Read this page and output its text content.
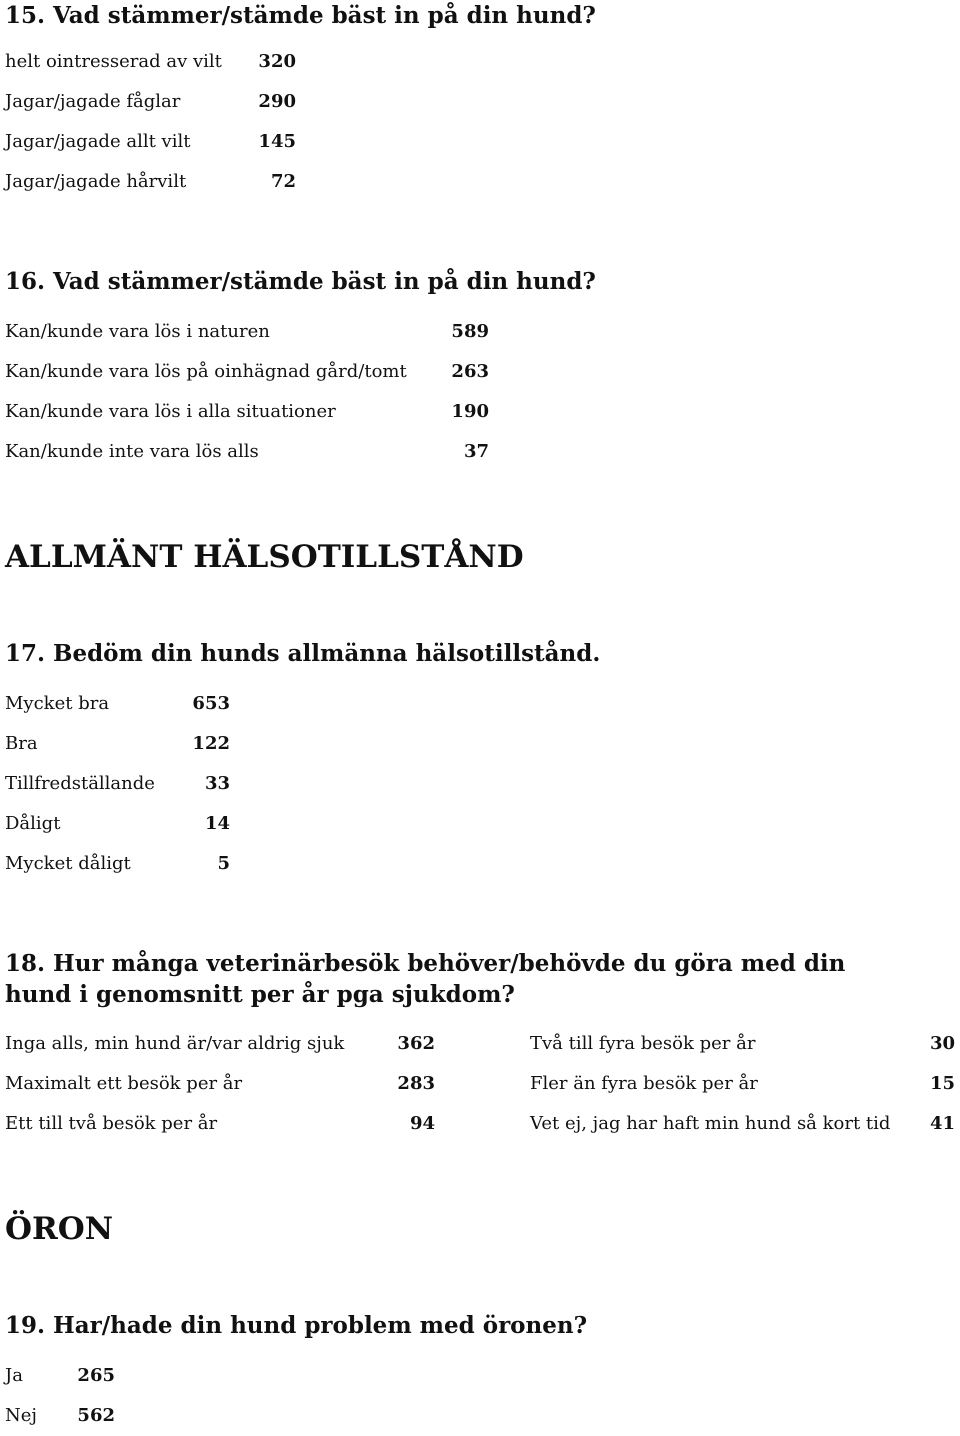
15. Vad stämmer/stämde bäst in på din hund?
helt ointresserad av vilt 320
Jagar/jagade fåglar	290
Jagar/jagade allt vilt	145
Jagar/jagade hårvilt	72
16. Vad stämmer/stämde bäst in på din hund?
Kan/kunde vara lös i naturen	589
Kan/kunde vara lös på oinhägnad gård/tomt 263
Kan/kunde vara lös i alla situationer	190
Kan/kunde inte vara lös alls	37
ALLMÄNT HÄLSOTILLSTÅND
17. Bedöm din hunds allmänna hälsotillstånd.
Mycket bra	653
Bra	122
Tillfredställande	33
Dåligt	14
Mycket dåligt	5
18. Hur många veterinärbesök behöver/behövde du göra med din hund i genomsnitt per år pga sjukdom?
Inga alls, min hund är/var aldrig sjuk	362
Maximalt ett besök per år	283
Ett till två besök per år	94
Två till fyra besök per år	30
Fler än fyra besök per år	15
Vet ej, jag har haft min hund så kort tid 41
ÖRON
19. Har/hade din hund problem med öronen?
Ja	265
Nej 562
